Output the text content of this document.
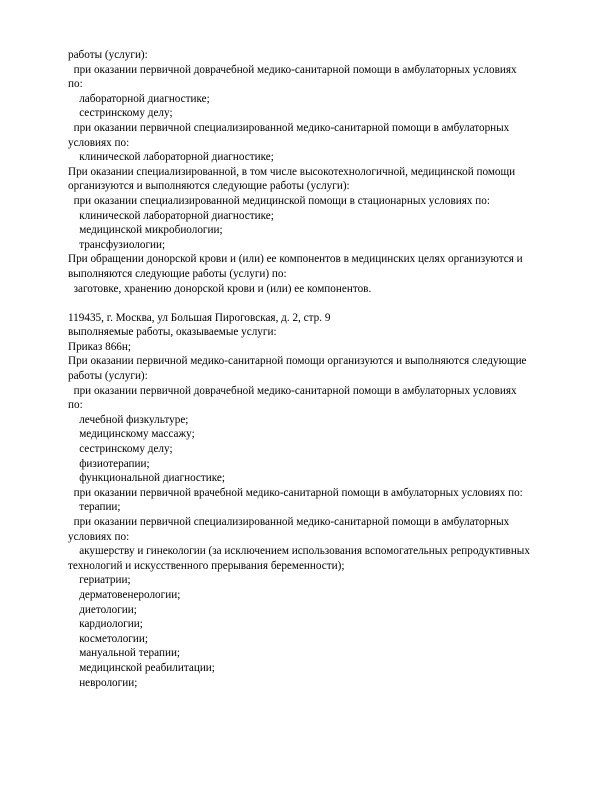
работы (услуги):
при оказании первичной доврачебной медико-санитарной помощи в амбулаторных условиях
по:
лабораторной диагностике;
сестринскому делу;
при оказании первичной специализированной медико-санитарной помощи в амбулаторных
условиях по:
клинической лабораторной диагностике;
При оказании специализированной, в том числе высокотехнологичной, медицинской помощи
организуются и выполняются следующие работы (услуги):
при оказании специализированной медицинской помощи в стационарных условиях по:
клинической лабораторной диагностике;
медицинской микробиологии;
трансфузиологии;
При обращении донорской крови и (или) ее компонентов в медицинских целях организуются и
выполняются следующие работы (услуги) по:
заготовке, хранению донорской крови и (или) ее компонентов.
119435, г. Москва, ул Большая Пироговская, д. 2, стр. 9
выполняемые работы, оказываемые услуги:
Приказ 866н;
При оказании первичной медико-санитарной помощи организуются и выполняются следующие
работы (услуги):
при оказании первичной доврачебной медико-санитарной помощи в амбулаторных условиях
по:
лечебной физкультуре;
медицинскому массажу;
сестринскому делу;
физиотерапии;
функциональной диагностике;
при оказании первичной врачебной медико-санитарной помощи в амбулаторных условиях по:
терапии;
при оказании первичной специализированной медико-санитарной помощи в амбулаторных
условиях по:
акушерству и гинекологии (за исключением использования вспомогательных репродуктивных
технологий и искусственного прерывания беременности);
гериатрии;
дерматовенерологии;
диетологии;
кардиологии;
косметологии;
мануальной терапии;
медицинской реабилитации;
неврологии;
